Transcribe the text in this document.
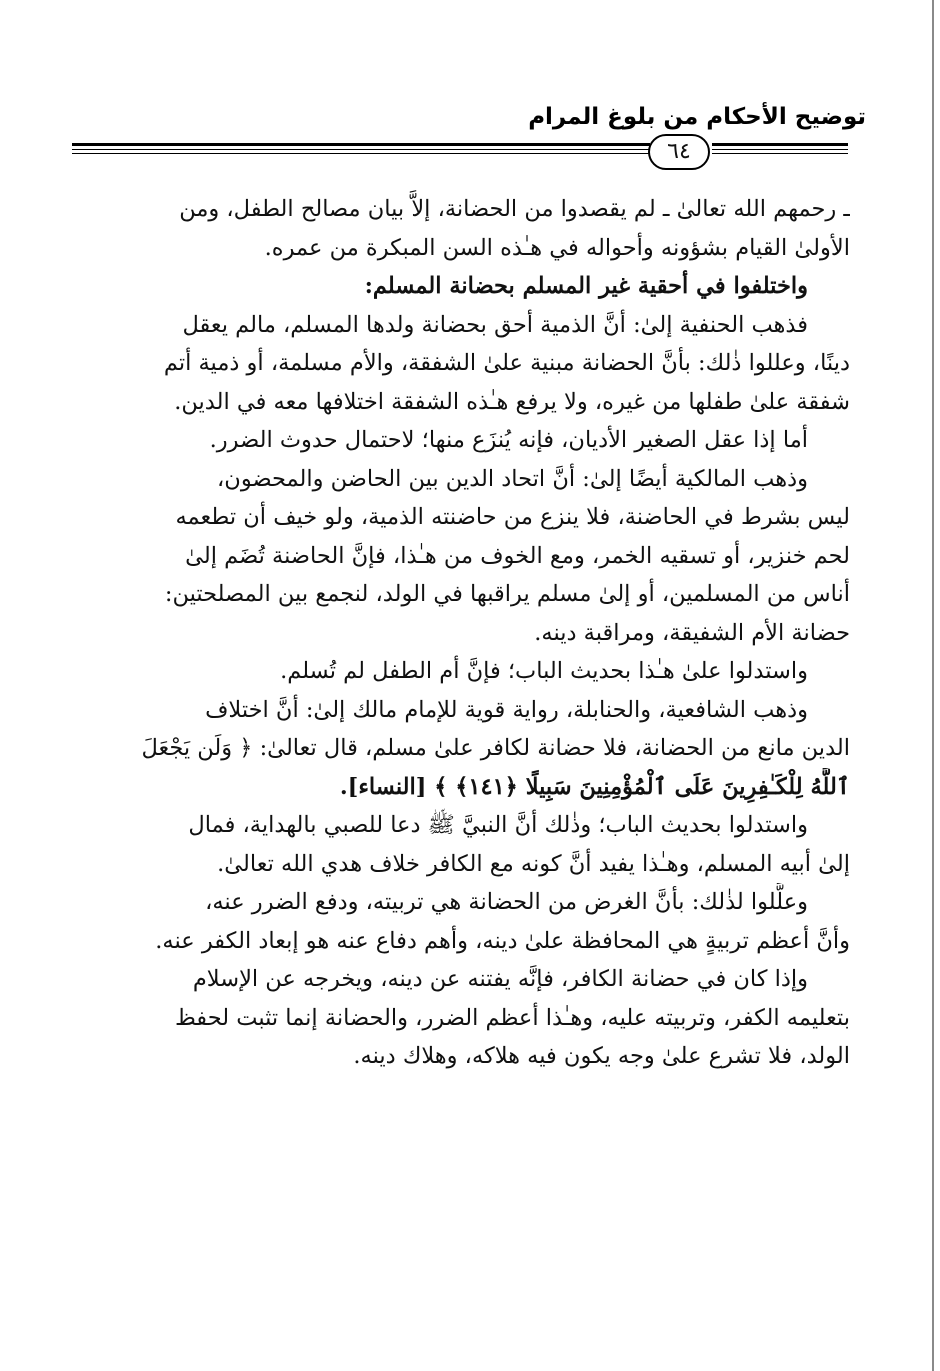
توضيح الأحكام من بلوغ المرام
٦٤
ـ رحمهم الله تعالىٰ ـ لم يقصدوا من الحضانة، إلاَّ بيان مصالح الطفل، ومن
الأولىٰ القيام بشؤونه وأحواله في هـٰذه السن المبكرة من عمره.
واختلفوا في أحقية غير المسلم بحضانة المسلم:
فذهب الحنفية إلىٰ: أنَّ الذمية أحق بحضانة ولدها المسلم، مالم يعقل
دينًا، وعللوا ذٰلك: بأنَّ الحضانة مبنية علىٰ الشفقة، والأم مسلمة، أو ذمية أتم
شفقة علىٰ طفلها من غيره، ولا يرفع هـٰذه الشفقة اختلافها معه في الدين.
أما إذا عقل الصغير الأديان، فإنه يُنزَع منها؛ لاحتمال حدوث الضرر.
وذهب المالكية أيضًا إلىٰ: أنَّ اتحاد الدين بين الحاضن والمحضون،
ليس بشرط في الحاضنة، فلا ينزع من حاضنته الذمية، ولو خيف أن تطعمه
لحم خنزير، أو تسقيه الخمر، ومع الخوف من هـٰذا، فإنَّ الحاضنة تُضَم إلىٰ
أناس من المسلمين، أو إلىٰ مسلم يراقبها في الولد، لنجمع بين المصلحتين:
حضانة الأم الشفيقة، ومراقبة دينه.
واستدلوا علىٰ هـٰذا بحديث الباب؛ فإنَّ أم الطفل لم تُسلم.
وذهب الشافعية، والحنابلة، رواية قوية للإمام مالك إلىٰ: أنَّ اختلاف
الدين مانع من الحضانة، فلا حضانة لكافر علىٰ مسلم، قال تعالىٰ: ﴿ وَلَن يَجْعَلَ
ٱللَّهُ لِلْكَـٰفِرِينَ عَلَى ٱلْمُؤْمِنِينَ سَبِيلًا ﴿١٤١﴾ ﴾ [النساء].
واستدلوا بحديث الباب؛ وذٰلك أنَّ النبيَّ ﷺ دعا للصبي بالهداية، فمال
إلىٰ أبيه المسلم، وهـٰذا يفيد أنَّ كونه مع الكافر خلاف هدي الله تعالىٰ.
وعلَّلوا لذٰلك: بأنَّ الغرض من الحضانة هي تربيته، ودفع الضرر عنه،
وأنَّ أعظم تربيةٍ هي المحافظة علىٰ دينه، وأهم دفاع عنه هو إبعاد الكفر عنه.
وإذا كان في حضانة الكافر، فإنَّه يفتنه عن دينه، ويخرجه عن الإسلام
بتعليمه الكفر، وتربيته عليه، وهـٰذا أعظم الضرر، والحضانة إنما تثبت لحفظ
الولد، فلا تشرع علىٰ وجه يكون فيه هلاكه، وهلاك دينه.
